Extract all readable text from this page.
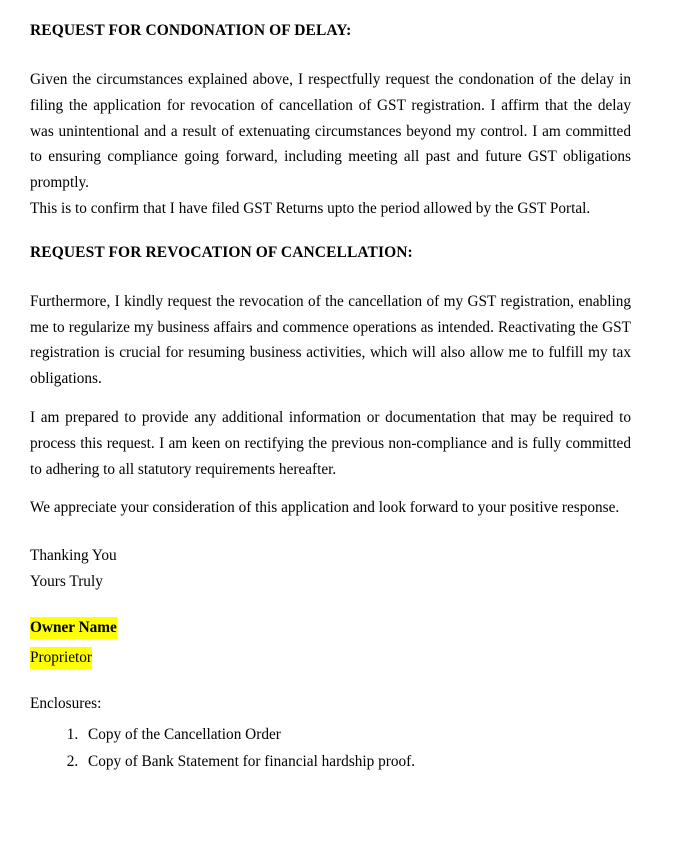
REQUEST FOR CONDONATION OF DELAY:

Given the circumstances explained above, I respectfully request the condonation of the delay in filing the application for revocation of cancellation of GST registration. I affirm that the delay was unintentional and a result of extenuating circumstances beyond my control. I am committed to ensuring compliance going forward, including meeting all past and future GST obligations promptly.

This is to confirm that I have filed GST Returns upto the period allowed by the GST Portal.

REQUEST FOR REVOCATION OF CANCELLATION:

Furthermore, I kindly request the revocation of the cancellation of my GST registration, enabling me to regularize my business affairs and commence operations as intended. Reactivating the GST registration is crucial for resuming business activities, which will also allow me to fulfill my tax obligations.

I am prepared to provide any additional information or documentation that may be required to process this request. I am keen on rectifying the previous non-compliance and is fully committed to adhering to all statutory requirements hereafter.

We appreciate your consideration of this application and look forward to your positive response.

Thanking You
Yours Truly
Owner Name
Proprietor

Enclosures:

1. Copy of the Cancellation Order
2. Copy of Bank Statement for financial hardship proof.
